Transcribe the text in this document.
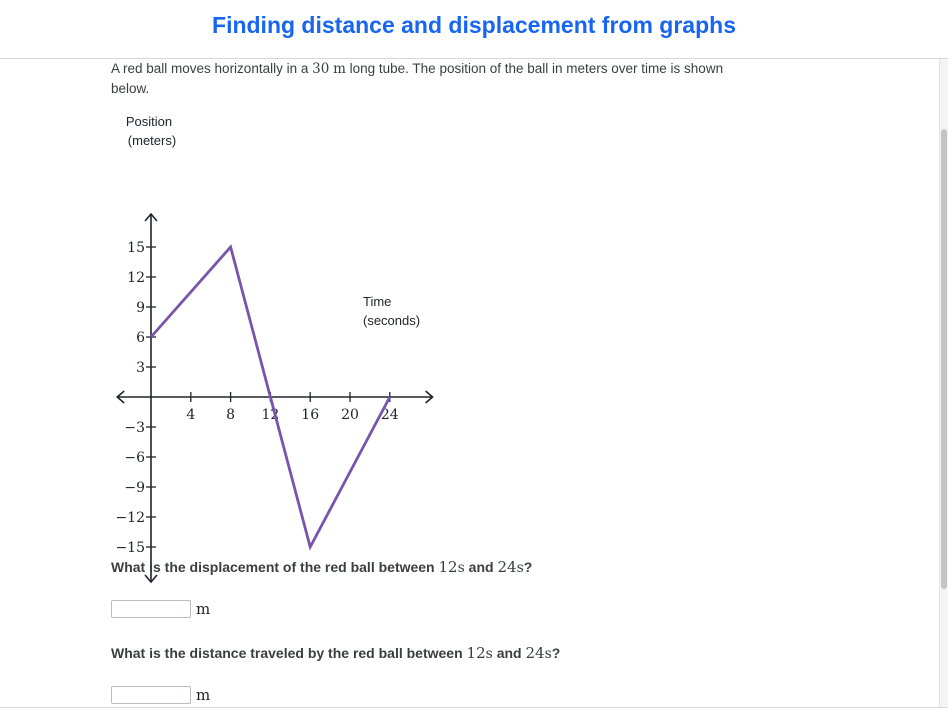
Finding distance and displacement from graphs
A red ball moves horizontally in a 30 m long tube. The position of the ball in meters over time is shown below.
Position
(meters)
Time
(seconds)
4 8 12 16 20 24
15
12
9
6
3
−3
−6
−9
−12
−15
What is the displacement of the red ball between 12s and 24s?
m
What is the distance traveled by the red ball between 12s and 24s?
m
